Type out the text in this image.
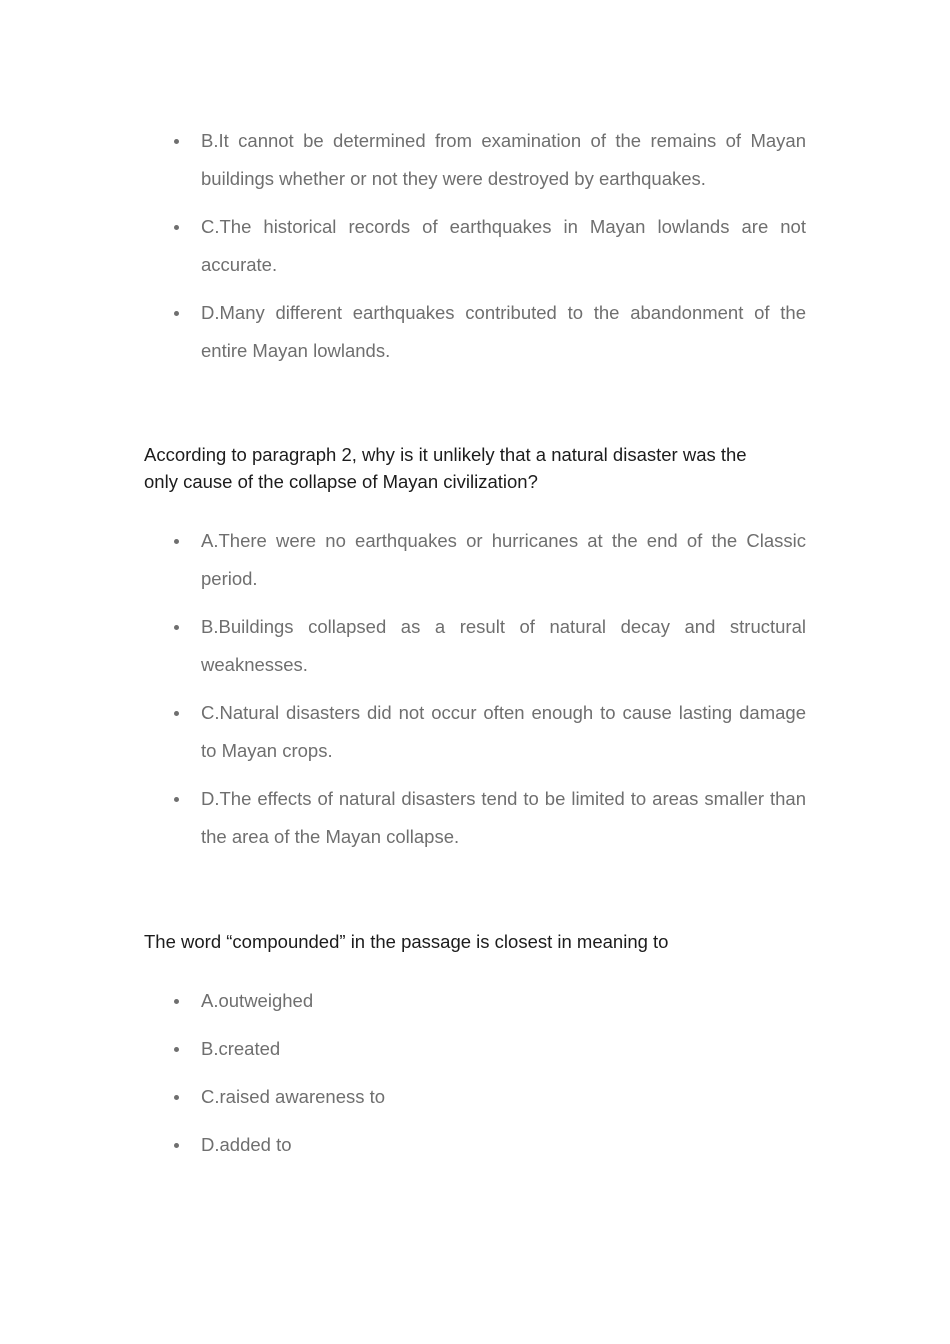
B.It cannot be determined from examination of the remains of Mayan buildings whether or not they were destroyed by earthquakes.
C.The historical records of earthquakes in Mayan lowlands are not accurate.
D.Many different earthquakes contributed to the abandonment of the entire Mayan lowlands.

According to paragraph 2, why is it unlikely that a natural disaster was the only cause of the collapse of Mayan civilization?

A.There were no earthquakes or hurricanes at the end of the Classic period.
B.Buildings collapsed as a result of natural decay and structural weaknesses.
C.Natural disasters did not occur often enough to cause lasting damage to Mayan crops.
D.The effects of natural disasters tend to be limited to areas smaller than the area of the Mayan collapse.

The word “compounded” in the passage is closest in meaning to

A.outweighed
B.created
C.raised awareness to
D.added to
